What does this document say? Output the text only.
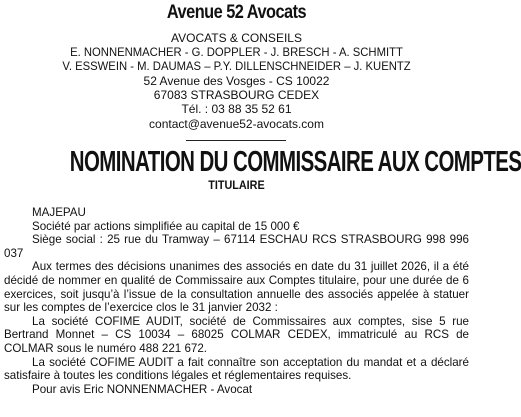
Avenue 52 Avocats
AVOCATS & CONSEILS
E. NONNENMACHER - G. DOPPLER - J. BRESCH - A. SCHMITT
V. ESSWEIN - M. DAUMAS – P.Y. DILLENSCHNEIDER – J. KUENTZ
52 Avenue des Vosges - CS 10022
67083 STRASBOURG CEDEX
Tél. : 03 88 35 52 61
contact@avenue52-avocats.com
NOMINATION DU COMMISSAIRE AUX COMPTES
TITULAIRE
MAJEPAU
Société par actions simplifiée au capital de 15 000 €
Siège social : 25 rue du Tramway – 67114 ESCHAU RCS STRASBOURG 998 996

037

Aux termes des décisions unanimes des associés en date du 31 juillet 2026, il a été décidé de nommer en qualité de Commissaire aux Comptes titulaire, pour une durée de 6 exercices, soit jusqu’à l’issue de la consultation annuelle des associés appelée à statuer sur les comptes de l’exercice clos le 31 janvier 2032 :

La société COFIME AUDIT, société de Commissaires aux comptes, sise 5 rue Bertrand Monnet – CS 10034 – 68025 COLMAR CEDEX, immatriculé au RCS de COLMAR sous le numéro 488 221 672.

La société COFIME AUDIT a fait connaître son acceptation du mandat et a déclaré satisfaire à toutes les conditions légales et réglementaires requises.

Pour avis Eric NONNENMACHER - Avocat
